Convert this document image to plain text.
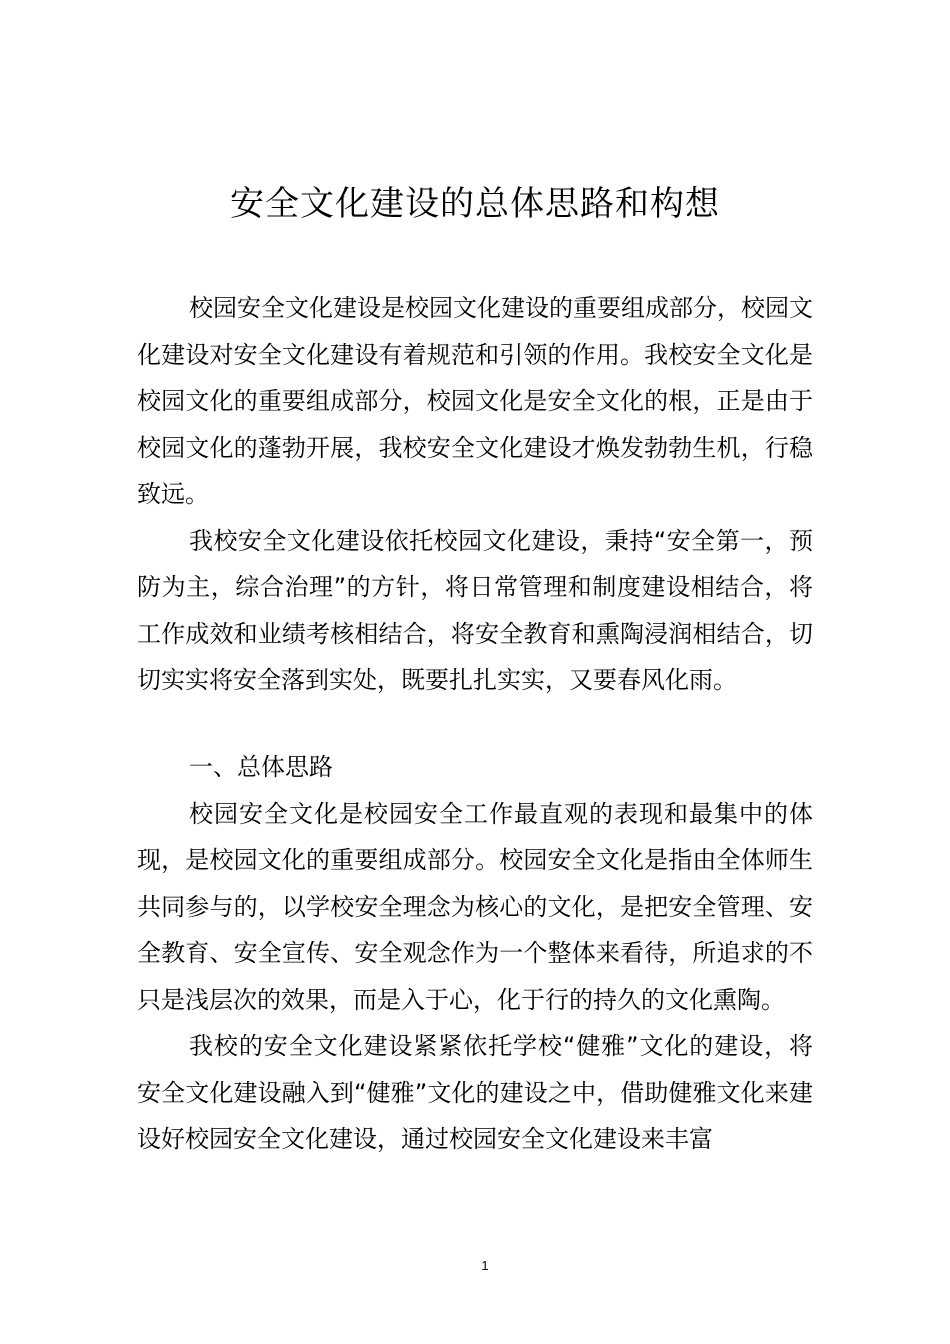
安全文化建设的总体思路和构想

校园安全文化建设是校园文化建设的重要组成部分，校园文化建设对安全文化建设有着规范和引领的作用。我校安全文化是校园文化的重要组成部分，校园文化是安全文化的根，正是由于校园文化的蓬勃开展，我校安全文化建设才焕发勃勃生机，行稳致远。

我校安全文化建设依托校园文化建设，秉持“安全第一，预防为主，综合治理”的方针，将日常管理和制度建设相结合，将工作成效和业绩考核相结合，将安全教育和熏陶浸润相结合，切切实实将安全落到实处，既要扎扎实实，又要春风化雨。

一、总体思路

校园安全文化是校园安全工作最直观的表现和最集中的体现，是校园文化的重要组成部分。校园安全文化是指由全体师生共同参与的，以学校安全理念为核心的文化，是把安全管理、安全教育、安全宣传、安全观念作为一个整体来看待，所追求的不只是浅层次的效果，而是入于心，化于行的持久的文化熏陶。

我校的安全文化建设紧紧依托学校“健雅”文化的建设，将安全文化建设融入到“健雅”文化的建设之中，借助健雅文化来建设好校园安全文化建设，通过校园安全文化建设来丰富

1
